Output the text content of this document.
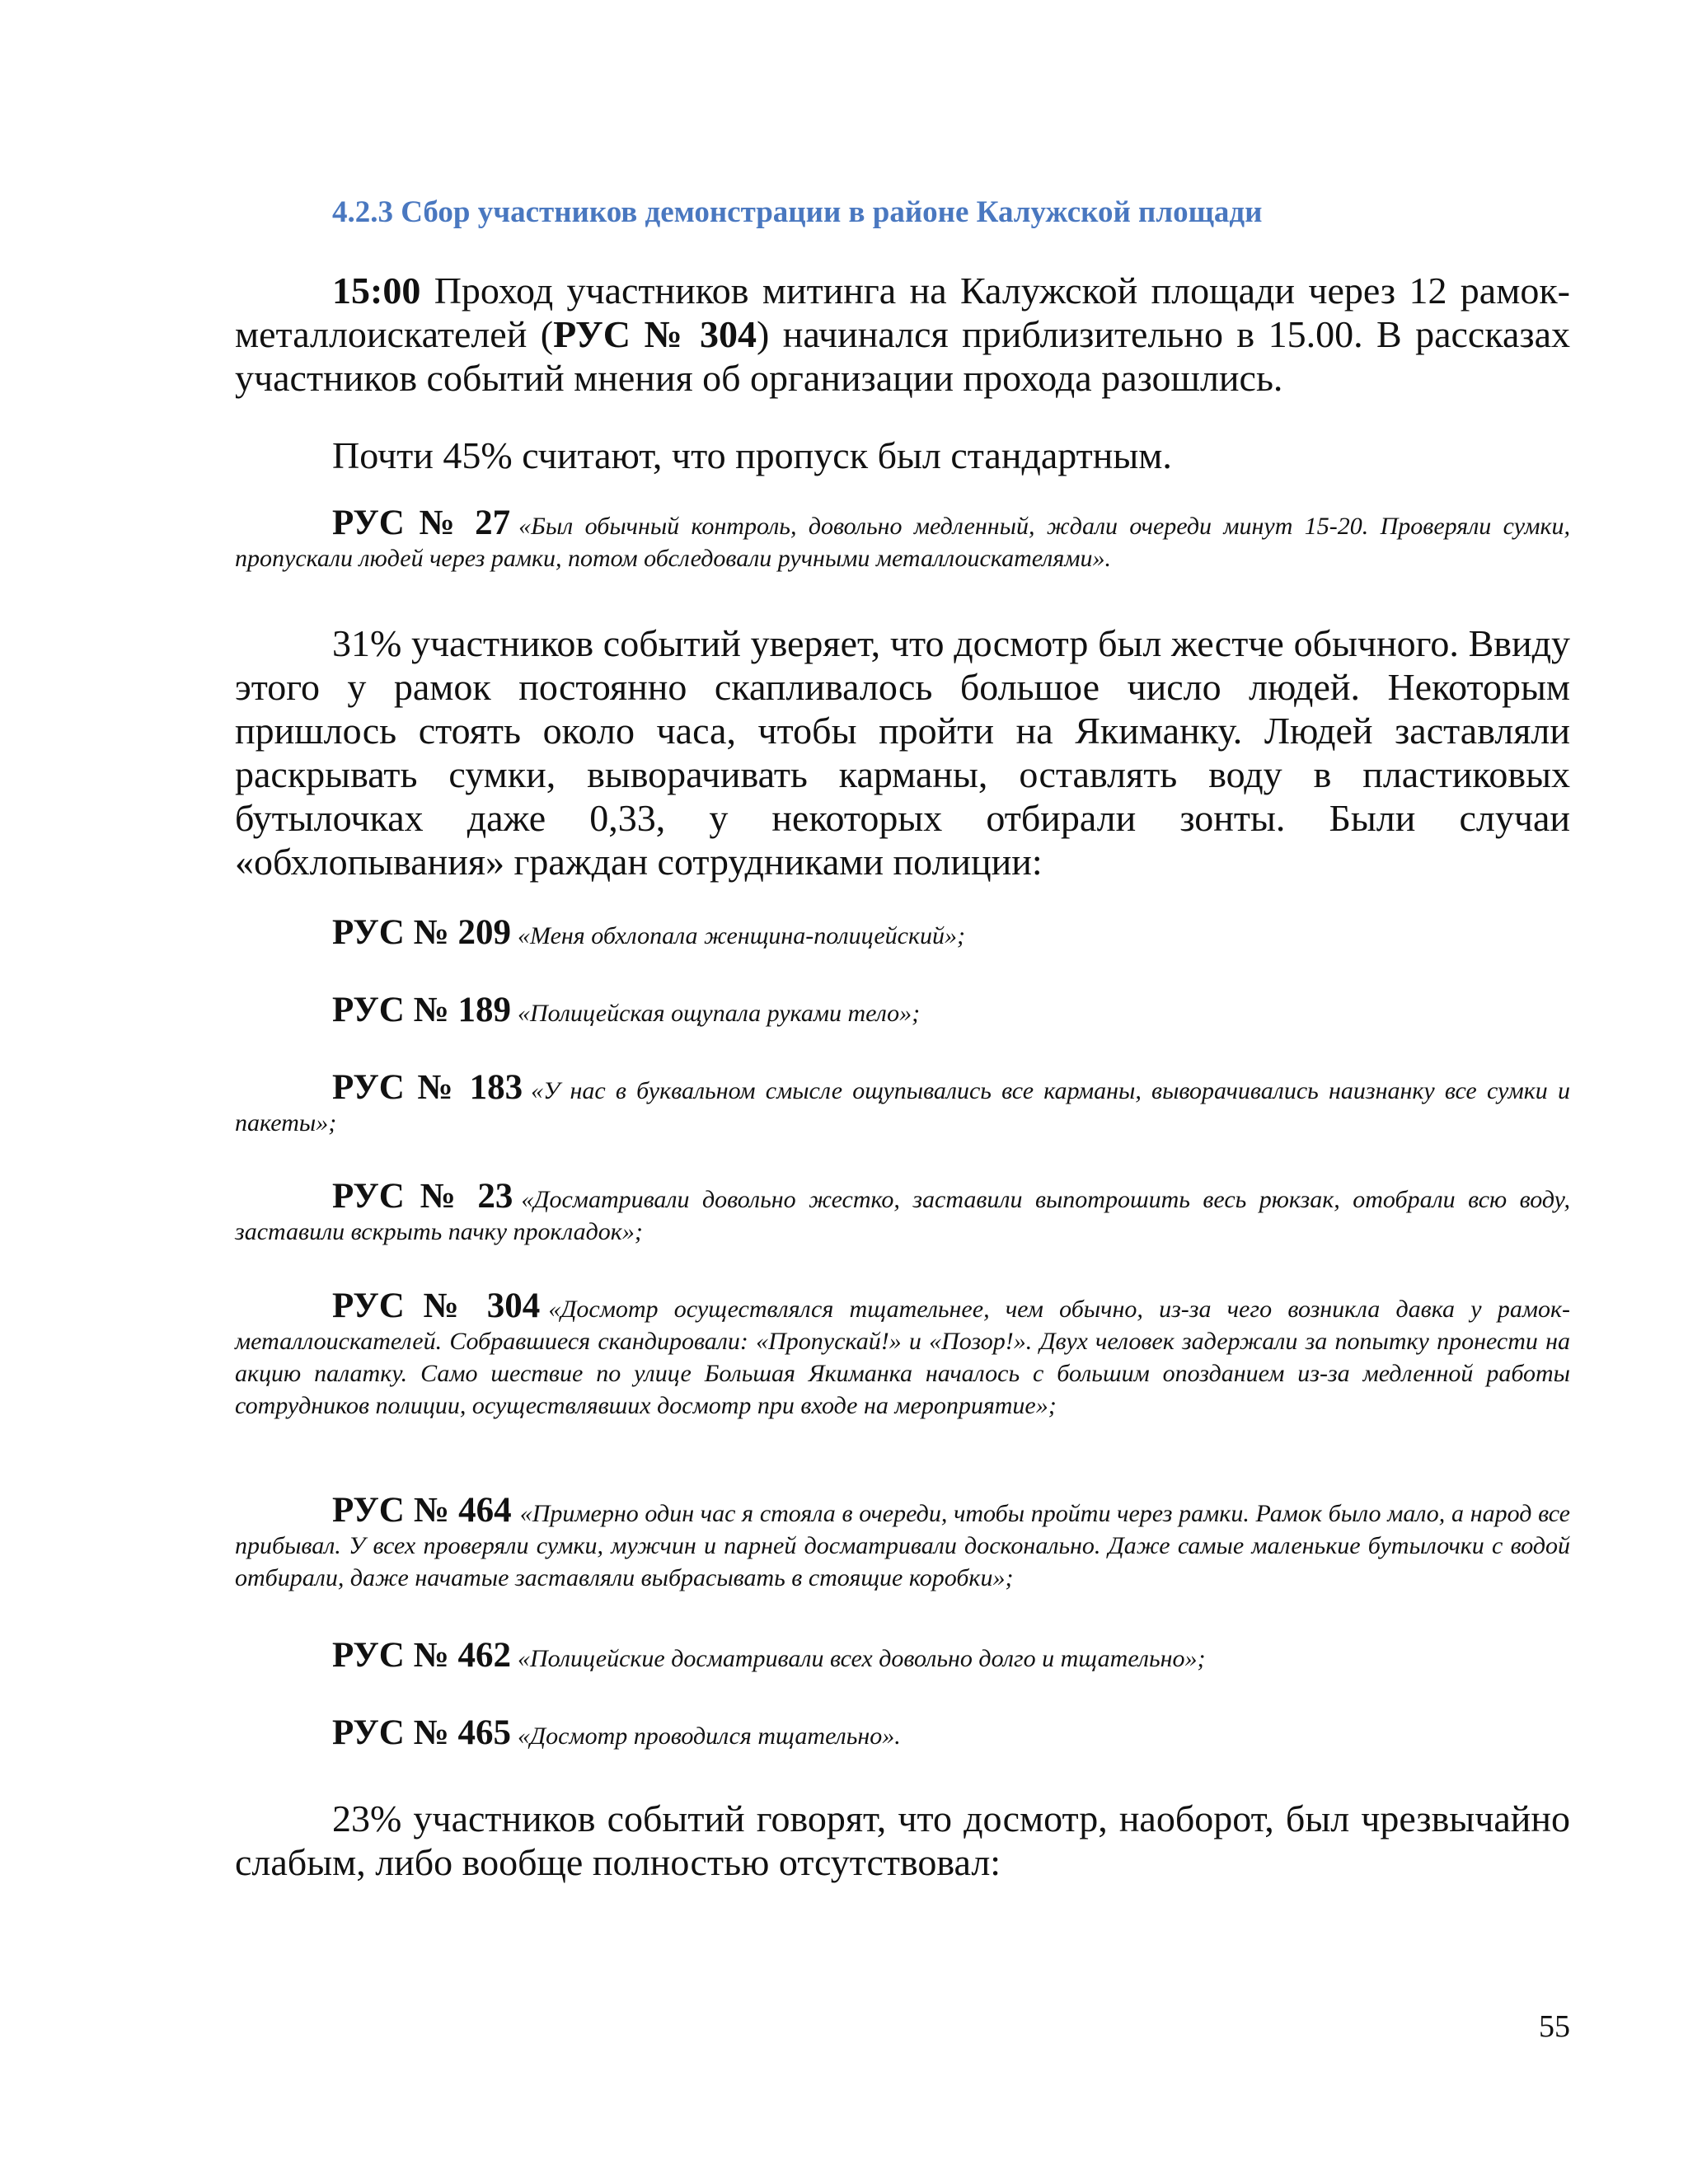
4.2.3 Сбор участников демонстрации в районе Калужской площади

15:00 Проход участников митинга на Калужской площади через 12 рамок-металлоискателей (РУС № 304) начинался приблизительно в 15.00. В рассказах участников событий мнения об организации прохода разошлись.

Почти 45% считают, что пропуск был стандартным.

РУС № 27 «Был обычный контроль, довольно медленный, ждали очереди минут 15-20. Проверяли сумки, пропускали людей через рамки, потом обследовали ручными металлоискателями».

31% участников событий уверяет, что досмотр был жестче обычного. Ввиду этого у рамок постоянно скапливалось большое число людей. Некоторым пришлось стоять около часа, чтобы пройти на Якиманку. Людей заставляли раскрывать сумки, выворачивать карманы, оставлять воду в пластиковых бутылочках даже 0,33, у некоторых отбирали зонты. Были случаи «обхлопывания» граждан сотрудниками полиции:

РУС № 209 «Меня обхлопала женщина-полицейский»;

РУС № 189 «Полицейская ощупала руками тело»;

РУС № 183 «У нас в буквальном смысле ощупывались все карманы, выворачивались наизнанку все сумки и пакеты»;

РУС № 23 «Досматривали довольно жестко, заставили выпотрошить весь рюкзак, отобрали всю воду, заставили вскрыть пачку прокладок»;

РУС № 304 «Досмотр осуществлялся тщательнее, чем обычно, из-за чего возникла давка у рамок-металлоискателей. Собравшиеся скандировали: «Пропускай!» и «Позор!». Двух человек задержали за попытку пронести на акцию палатку. Само шествие по улице Большая Якиманка началось с большим опозданием из-за медленной работы сотрудников полиции, осуществлявших досмотр при входе на мероприятие»;

РУС № 464 «Примерно один час я стояла в очереди, чтобы пройти через рамки. Рамок было мало, а народ все прибывал. У всех проверяли сумки, мужчин и парней досматривали досконально. Даже самые маленькие бутылочки с водой отбирали, даже начатые заставляли выбрасывать в стоящие коробки»;

РУС № 462 «Полицейские досматривали всех довольно долго и тщательно»;

РУС № 465 «Досмотр проводился тщательно».

23% участников событий говорят, что досмотр, наоборот, был чрезвычайно слабым, либо вообще полностью отсутствовал:

55
